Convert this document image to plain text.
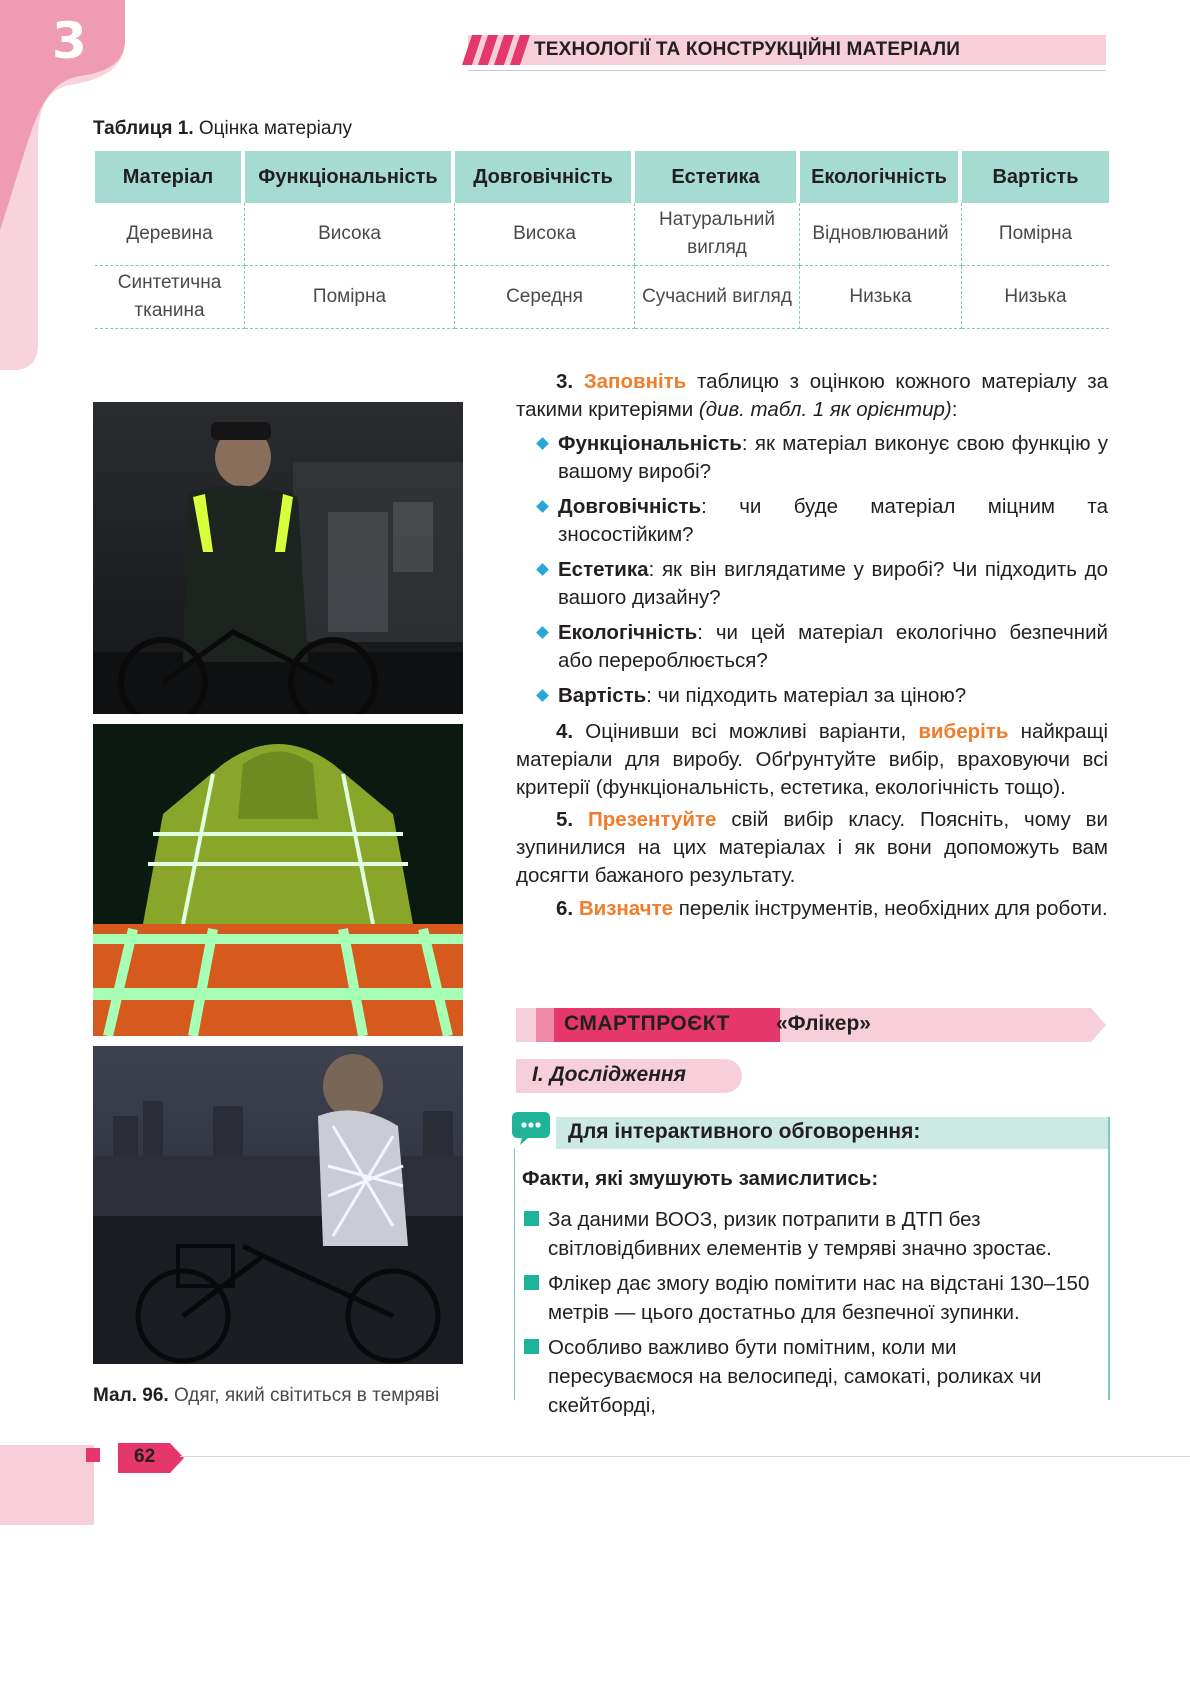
3	ТЕХНОЛОГІЇ ТА КОНСТРУКЦІЙНІ МАТЕРІАЛИ
Таблиця 1. Оцінка матеріалу
Матеріал	Функціональність	Довговічність	Естетика	Екологічність	Вартість
Деревина	Висока	Висока	Натуральний вигляд	Відновлюваний	Помірна
Синтетична тканина	Помірна	Середня	Сучасний вигляд	Низька	Низька
Мал. 96. Одяг, який світиться в темряві
3. Заповніть таблицю з оцінкою кожного матеріалу за такими критеріями (див. табл. 1 як орієнтир):
Функціональність: як матеріал виконує свою функцію у вашому виробі?
Довговічність: чи буде матеріал міцним та зносостійким?
Естетика: як він виглядатиме у виробі? Чи підходить до вашого дизайну?
Екологічність: чи цей матеріал екологічно безпечний або перероблюється?
Вартість: чи підходить матеріал за ціною?
4. Оцінивши всі можливі варіанти, виберіть найкращі матеріали для виробу. Обґрунтуйте вибір, враховуючи всі критерії (функціональність, естетика, екологічність тощо).
5. Презентуйте свій вибір класу. Поясніть, чому ви зупинилися на цих матеріалах і як вони допоможуть вам досягти бажаного результату.
6. Визначте перелік інструментів, необхідних для роботи.
СМАРТПРОЄКТ «Флікер»
І. Дослідження
Для інтерактивного обговорення:
Факти, які змушують замислитись:
За даними ВООЗ, ризик потрапити в ДТП без світловідбивних елементів у темряві значно зростає.
Флікер дає змогу водію помітити нас на відстані 130–150 метрів — цього достатньо для безпечної зупинки.
Особливо важливо бути помітним, коли ми пересуваємося на велосипеді, самокаті, роликах чи скейтборді,
62
